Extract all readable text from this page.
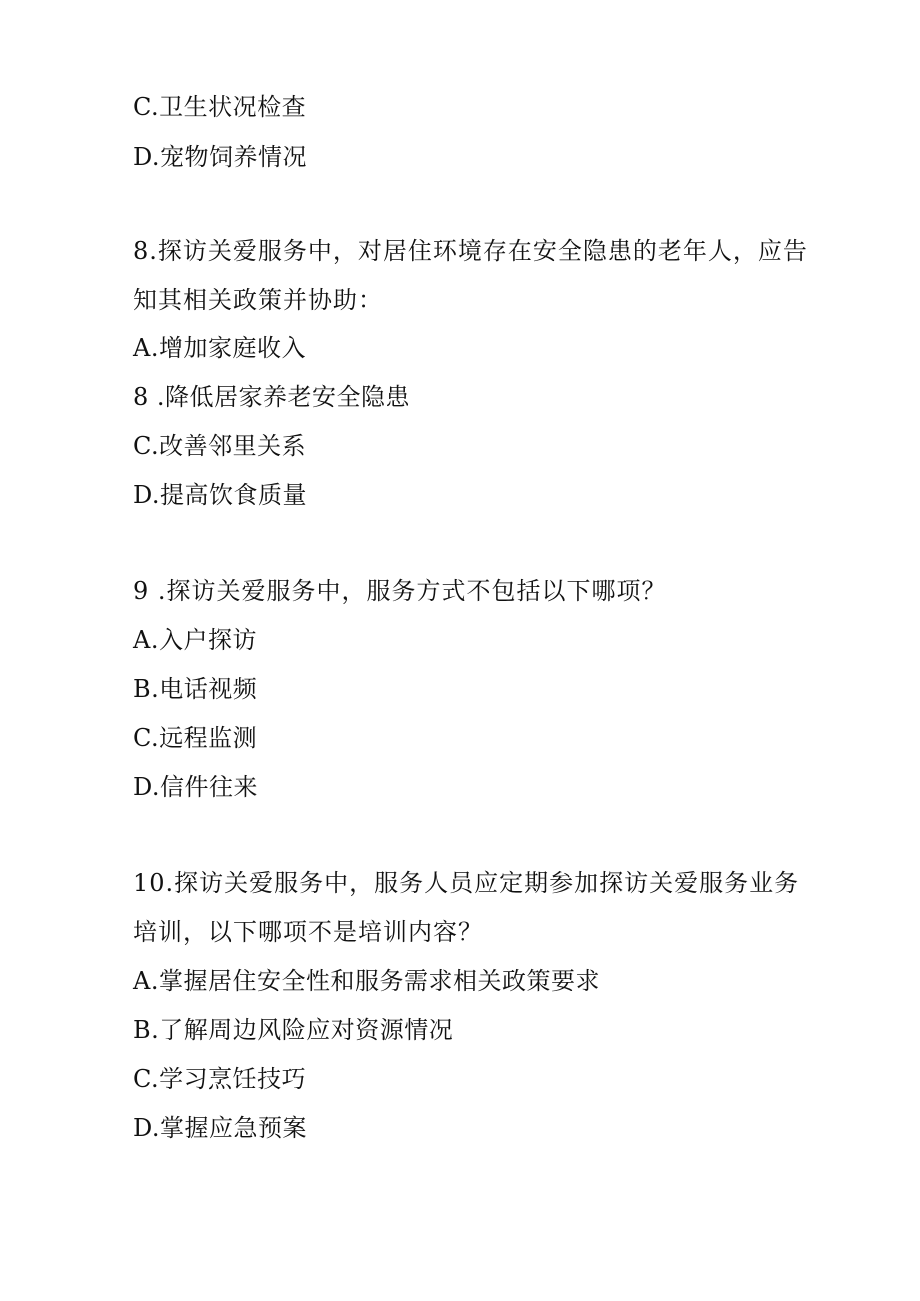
C.卫生状况检查
D.宠物饲养情况
8.探访关爱服务中，对居住环境存在安全隐患的老年人，应告
知其相关政策并协助：
A.增加家庭收入
8 .降低居家养老安全隐患
C.改善邻里关系
D.提高饮食质量
9 .探访关爱服务中，服务方式不包括以下哪项？
A.入户探访
B.电话视频
C.远程监测
D.信件往来
10.探访关爱服务中，服务人员应定期参加探访关爱服务业务
培训，以下哪项不是培训内容？
A.掌握居住安全性和服务需求相关政策要求
B.了解周边风险应对资源情况
C.学习烹饪技巧
D.掌握应急预案
